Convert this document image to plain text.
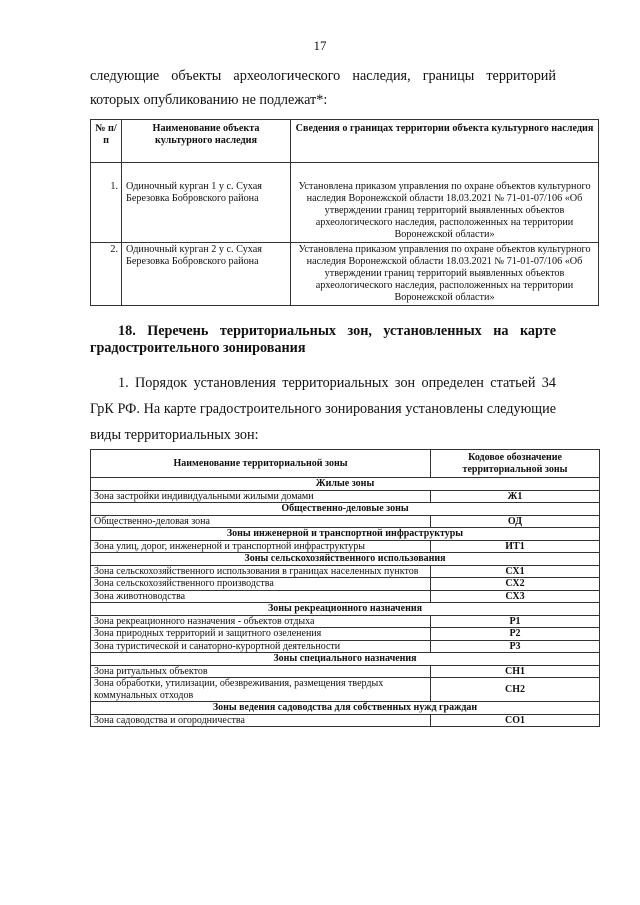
17
следующие объекты археологического наследия, границы территорий
которых опубликованию не подлежат*:
№ п/п	Наименование объекта культурного наследия	Сведения о границах территории объекта культурного наследия
1.	Одиночный курган 1 у с. Сухая Березовка Бобровского района	Установлена приказом управления по охране объектов культурного наследия Воронежской области 18.03.2021 № 71-01-07/106 «Об утверждении границ территорий выявленных объектов археологического наследия, расположенных на территории Воронежской области»
2.	Одиночный курган 2 у с. Сухая Березовка Бобровского района	Установлена приказом управления по охране объектов культурного наследия Воронежской области 18.03.2021 № 71-01-07/106 «Об утверждении границ территорий выявленных объектов археологического наследия, расположенных на территории Воронежской области»
18. Перечень территориальных зон, установленных на карте
градостроительного зонирования
1. Порядок установления территориальных зон определен статьей 34
ГрК РФ. На карте градостроительного зонирования установлены следующие
виды территориальных зон:
Наименование территориальной зоны	Кодовое обозначение территориальной зоны
Жилые зоны	
Зона застройки индивидуальными жилыми домами	Ж1
Общественно-деловые зоны	
Общественно-деловая зона	ОД
Зоны инженерной и транспортной инфраструктуры	
Зона улиц, дорог, инженерной и транспортной инфраструктуры	ИТ1
Зоны сельскохозяйственного использования	
Зона сельскохозяйственного использования в границах населенных пунктов	СХ1
Зона сельскохозяйственного производства	СХ2
Зона животноводства	СХ3
Зоны рекреационного назначения	
Зона рекреационного назначения - объектов отдыха	Р1
Зона природных территорий и защитного озеленения	Р2
Зона туристической и санаторно-курортной деятельности	Р3
Зоны специального назначения	
Зона ритуальных объектов	СН1
Зона обработки, утилизации, обезвреживания, размещения твердых коммунальных отходов	СН2
Зоны ведения садоводства для собственных нужд граждан	
Зона садоводства и огородничества	СО1
